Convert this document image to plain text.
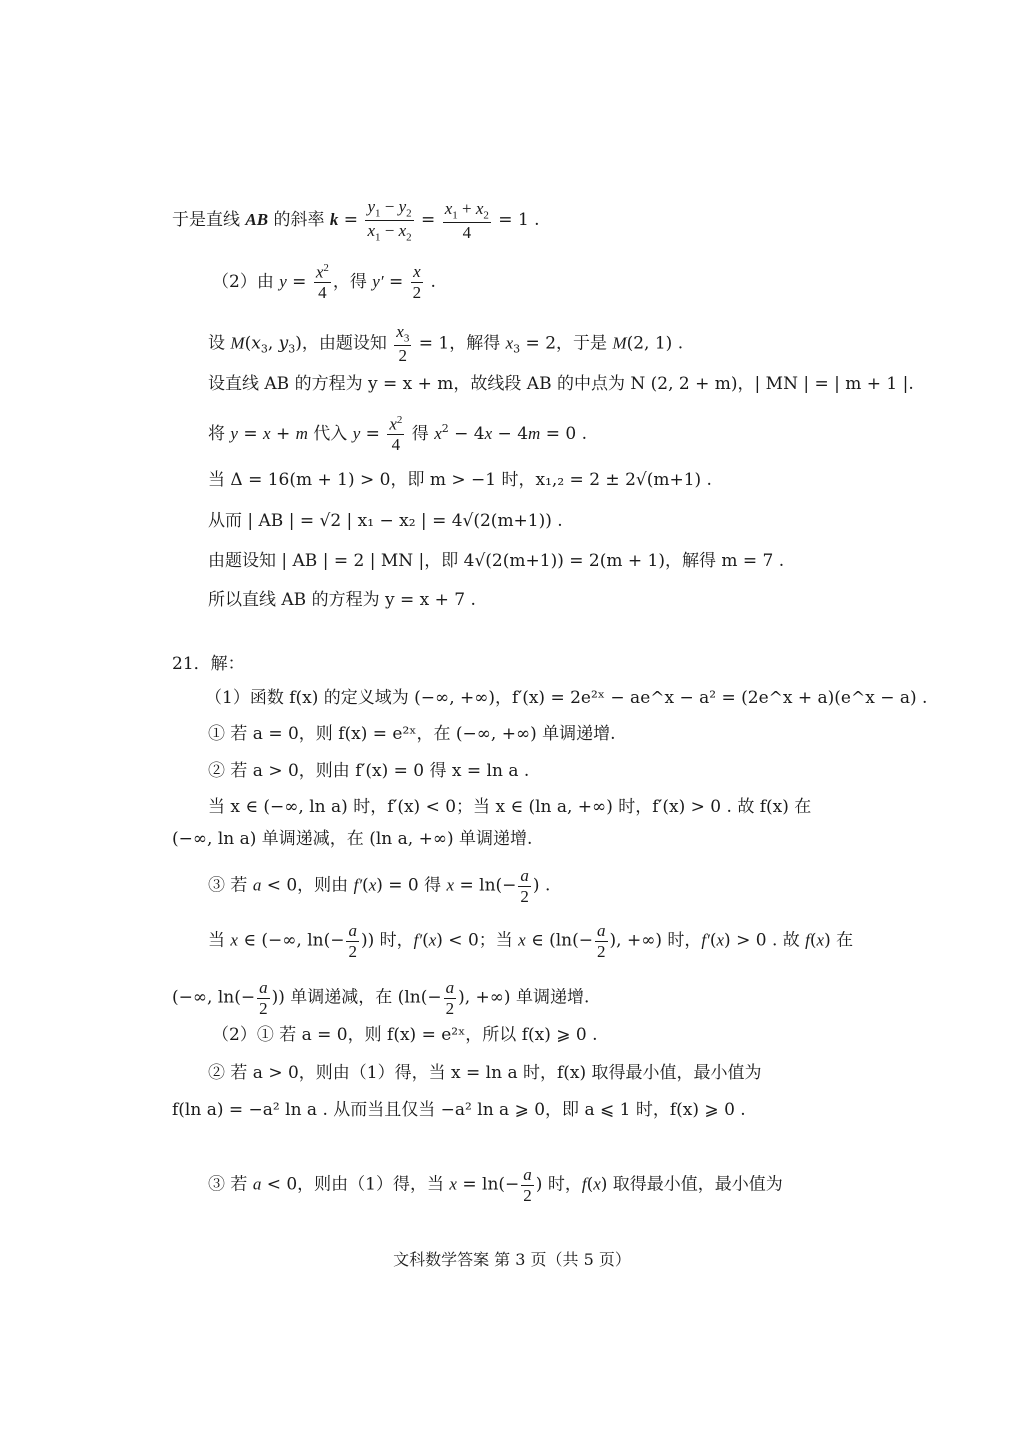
于是直线 AB 的斜率 $k = \frac{y_1 - y_2}{x_1 - x_2} = \frac{x_1 + x_2}{4} = 1$ .
（2）由 $y = \frac{x^2}{4}$ ，得 $y' = \frac{x}{2}$ .
设 $M(x_3$, $y_3$)，由题设知 $\frac{x_3}{2} = 1$，解得 $x_3 = 2$，于是 M(2, 1) .
设直线 AB 的方程为 y = x + m，故线段 AB 的中点为 N (2, 2 + m)，| MN | = | m + 1 |.
将 y = x + m 代入 $y = \frac{x^2}{4}$ 得 $x^2 - 4x - 4m = 0$ .
当 Δ = 16(m + 1) > 0，即 m > −1 时，x₁,₂ = 2 ± 2√(m+1) .
从而 | AB | = √2 | x₁ − x₂ | = 4√(2(m+1)) .
由题设知 | AB | = 2 | MN |，即 4√(2(m+1)) = 2(m + 1)，解得 m = 7 .
所以直线 AB 的方程为 y = x + 7 .
21．解：
（1）函数 f(x) 的定义域为 (−∞, +∞)，f′(x) = 2e²ˣ − ae^x − a² = (2e^x + a)(e^x − a) .
① 若 a = 0，则 f(x) = e²ˣ，在 (−∞, +∞) 单调递增.
② 若 a > 0，则由 f′(x) = 0 得 x = ln a .
当 x ∈ (−∞, ln a) 时，f′(x) < 0；当 x ∈ (ln a, +∞) 时，f′(x) > 0 . 故 f(x) 在
(−∞, ln a) 单调递减，在 (ln a, +∞) 单调递增.
③ 若 a < 0，则由 f′(x) = 0 得 $x = \ln(- \frac{a}{2}$ ) .
当 x ∈ (−∞, $\ln(- \frac{a}{2}$ )) 时，f′(x) < 0；当 x ∈ ($\ln(- \frac{a}{2}$ ), +∞) 时，f′(x) > 0 . 故 f(x) 在
(−∞, $\ln(- \frac{a}{2}$ )) 单调递减，在 ($\ln(- \frac{a}{2}$ ), +∞) 单调递增.
（2）① 若 a = 0，则 f(x) = e²ˣ，所以 f(x) ⩾ 0 .
② 若 a > 0，则由（1）得，当 x = ln a 时，f(x) 取得最小值，最小值为
f(ln a) = −a² ln a . 从而当且仅当 −a² ln a ⩾ 0，即 a ⩽ 1 时，f(x) ⩾ 0 .
③ 若 a < 0，则由（1）得，当 $x = \ln(- \frac{a}{2}$ ) 时，f(x) 取得最小值，最小值为
文科数学答案 第 3 页（共 5 页）
